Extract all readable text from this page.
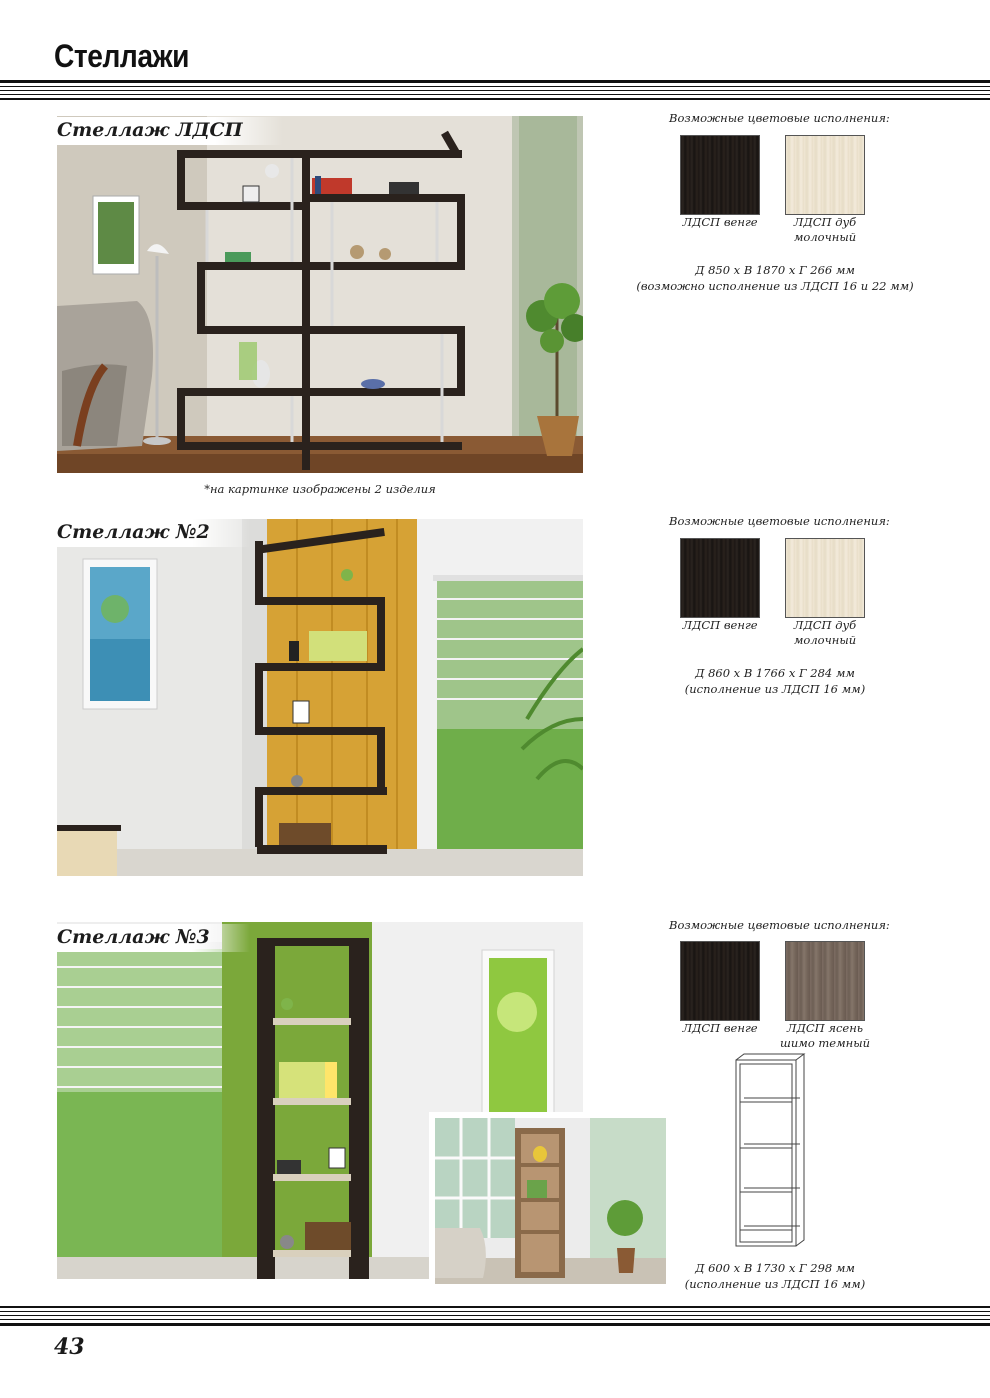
Стеллажи
Стеллаж ЛДСП
*на картинке изображены 2 изделия
Возможные цветовые исполнения:
ЛДСП венге	ЛДСП дуб
молочный
Д 850 х В 1870 х Г 266 мм
(возможно исполнение из ЛДСП 16 и 22 мм)
Стеллаж №2	Возможные цветовые исполнения:
ЛДСП венге	ЛДСП дуб
молочный
Д 860 х В 1766 х Г 284 мм
(исполнение из ЛДСП 16 мм)
Стеллаж №3
Возможные цветовые исполнения:
ЛДСП венге	ЛДСП ясень
шимо темный
Д 600 х В 1730 х Г 298 мм
(исполнение из ЛДСП 16 мм)
43
